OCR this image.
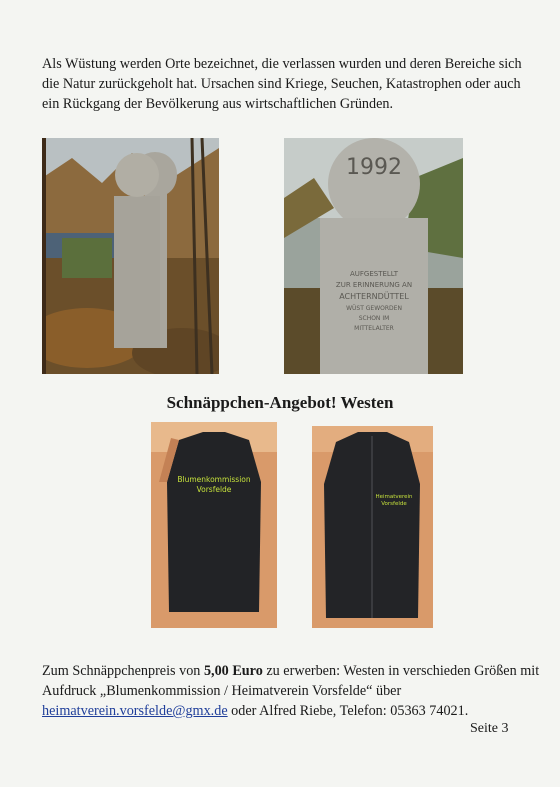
Als Wüstung werden Orte bezeichnet, die verlassen wurden und deren Bereiche sich die Natur zurückgeholt hat. Ursachen sind Kriege, Seuchen, Katastrophen oder auch ein Rückgang der Bevölkerung aus wirtschaftlichen Gründen.

1992
AUFGESTELLT
ZUR ERINNERUNG AN
ACHTERNDÜTTEL
WÜST GEWORDEN
SCHON IM
MITTELALTER
Schnäppchen-Angebot! Westen
Blumenkommission
Vorsfelde
Heimatverein
Vorsfelde

Zum Schnäppchenpreis von 5,00 Euro zu erwerben: Westen in verschieden Größen mit Aufdruck „Blumenkommission / Heimatverein Vorsfelde“ über heimatverein.vorsfelde@gmx.de oder Alfred Riebe, Telefon: 05363 74021.

Seite 3
